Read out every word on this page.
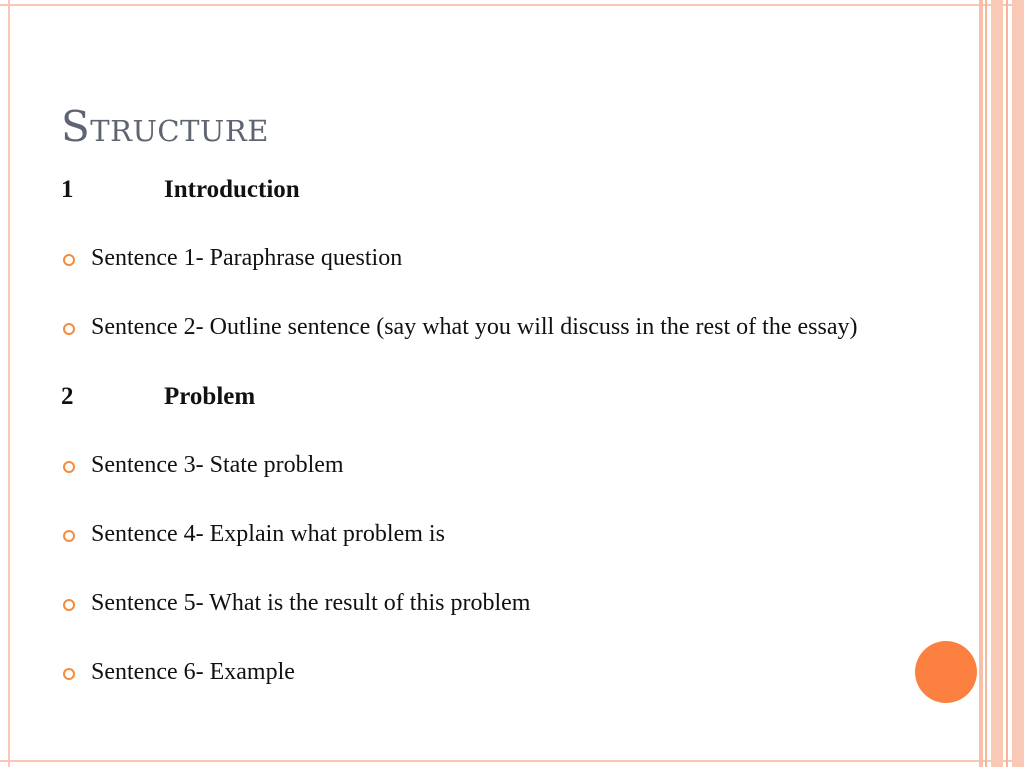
Structure
1	Introduction
Sentence 1- Paraphrase question
Sentence 2- Outline sentence (say what you will discuss in the rest of the essay)
2	Problem
Sentence 3- State problem
Sentence 4- Explain what problem is
Sentence 5- What is the result of this problem
Sentence 6- Example
